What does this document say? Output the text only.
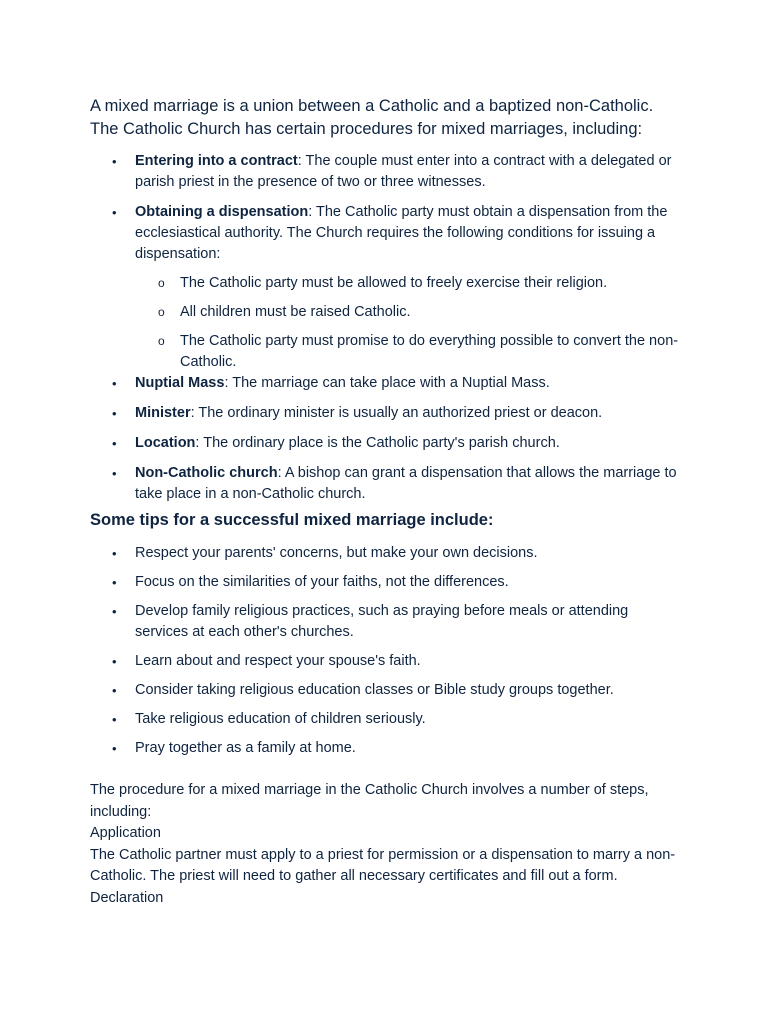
A mixed marriage is a union between a Catholic and a baptized non-Catholic. The Catholic Church has certain procedures for mixed marriages, including:

• Entering into a contract: The couple must enter into a contract with a delegated or parish priest in the presence of two or three witnesses.
• Obtaining a dispensation: The Catholic party must obtain a dispensation from the ecclesiastical authority. The Church requires the following conditions for issuing a dispensation:
o The Catholic party must be allowed to freely exercise their religion.
o All children must be raised Catholic.
o The Catholic party must promise to do everything possible to convert the non-Catholic.
• Nuptial Mass: The marriage can take place with a Nuptial Mass.
• Minister: The ordinary minister is usually an authorized priest or deacon.
• Location: The ordinary place is the Catholic party's parish church.
• Non-Catholic church: A bishop can grant a dispensation that allows the marriage to take place in a non-Catholic church.
Some tips for a successful mixed marriage include:
• Respect your parents' concerns, but make your own decisions.
• Focus on the similarities of your faiths, not the differences.
• Develop family religious practices, such as praying before meals or attending services at each other's churches.
• Learn about and respect your spouse's faith.
• Consider taking religious education classes or Bible study groups together.
• Take religious education of children seriously.
• Pray together as a family at home.

The procedure for a mixed marriage in the Catholic Church involves a number of steps, including:

Application

The Catholic partner must apply to a priest for permission or a dispensation to marry a non-Catholic. The priest will need to gather all necessary certificates and fill out a form.

Declaration
